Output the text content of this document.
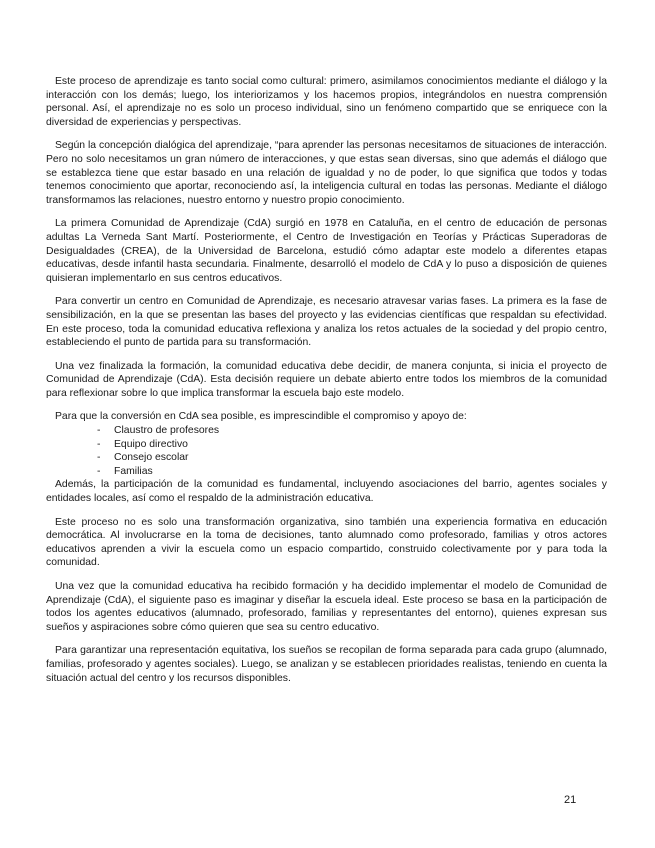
Este proceso de aprendizaje es tanto social como cultural: primero, asimilamos conocimientos mediante el diálogo y la interacción con los demás; luego, los interiorizamos y los hacemos propios, integrándolos en nuestra comprensión personal. Así, el aprendizaje no es solo un proceso individual, sino un fenómeno compartido que se enriquece con la diversidad de experiencias y perspectivas.

Según la concepción dialógica del aprendizaje, “para aprender las personas necesitamos de situaciones de interacción. Pero no solo necesitamos un gran número de interacciones, y que estas sean diversas, sino que además el diálogo que se establezca tiene que estar basado en una relación de igualdad y no de poder, lo que significa que todos y todas tenemos conocimiento que aportar, reconociendo así, la inteligencia cultural en todas las personas. Mediante el diálogo transformamos las relaciones, nuestro entorno y nuestro propio conocimiento.

La primera Comunidad de Aprendizaje (CdA) surgió en 1978 en Cataluña, en el centro de educación de personas adultas La Verneda Sant Martí. Posteriormente, el Centro de Investigación en Teorías y Prácticas Superadoras de Desigualdades (CREA), de la Universidad de Barcelona, estudió cómo adaptar este modelo a diferentes etapas educativas, desde infantil hasta secundaria. Finalmente, desarrolló el modelo de CdA y lo puso a disposición de quienes quisieran implementarlo en sus centros educativos.

Para convertir un centro en Comunidad de Aprendizaje, es necesario atravesar varias fases. La primera es la fase de sensibilización, en la que se presentan las bases del proyecto y las evidencias científicas que respaldan su efectividad. En este proceso, toda la comunidad educativa reflexiona y analiza los retos actuales de la sociedad y del propio centro, estableciendo el punto de partida para su transformación.

Una vez finalizada la formación, la comunidad educativa debe decidir, de manera conjunta, si inicia el proyecto de Comunidad de Aprendizaje (CdA). Esta decisión requiere un debate abierto entre todos los miembros de la comunidad para reflexionar sobre lo que implica transformar la escuela bajo este modelo.

Para que la conversión en CdA sea posible, es imprescindible el compromiso y apoyo de:

- Claustro de profesores
- Equipo directivo
- Consejo escolar
- Familias

Además, la participación de la comunidad es fundamental, incluyendo asociaciones del barrio, agentes sociales y entidades locales, así como el respaldo de la administración educativa.

Este proceso no es solo una transformación organizativa, sino también una experiencia formativa en educación democrática. Al involucrarse en la toma de decisiones, tanto alumnado como profesorado, familias y otros actores educativos aprenden a vivir la escuela como un espacio compartido, construido colectivamente por y para toda la comunidad.

Una vez que la comunidad educativa ha recibido formación y ha decidido implementar el modelo de Comunidad de Aprendizaje (CdA), el siguiente paso es imaginar y diseñar la escuela ideal. Este proceso se basa en la participación de todos los agentes educativos (alumnado, profesorado, familias y representantes del entorno), quienes expresan sus sueños y aspiraciones sobre cómo quieren que sea su centro educativo.

Para garantizar una representación equitativa, los sueños se recopilan de forma separada para cada grupo (alumnado, familias, profesorado y agentes sociales). Luego, se analizan y se establecen prioridades realistas, teniendo en cuenta la situación actual del centro y los recursos disponibles.

21
